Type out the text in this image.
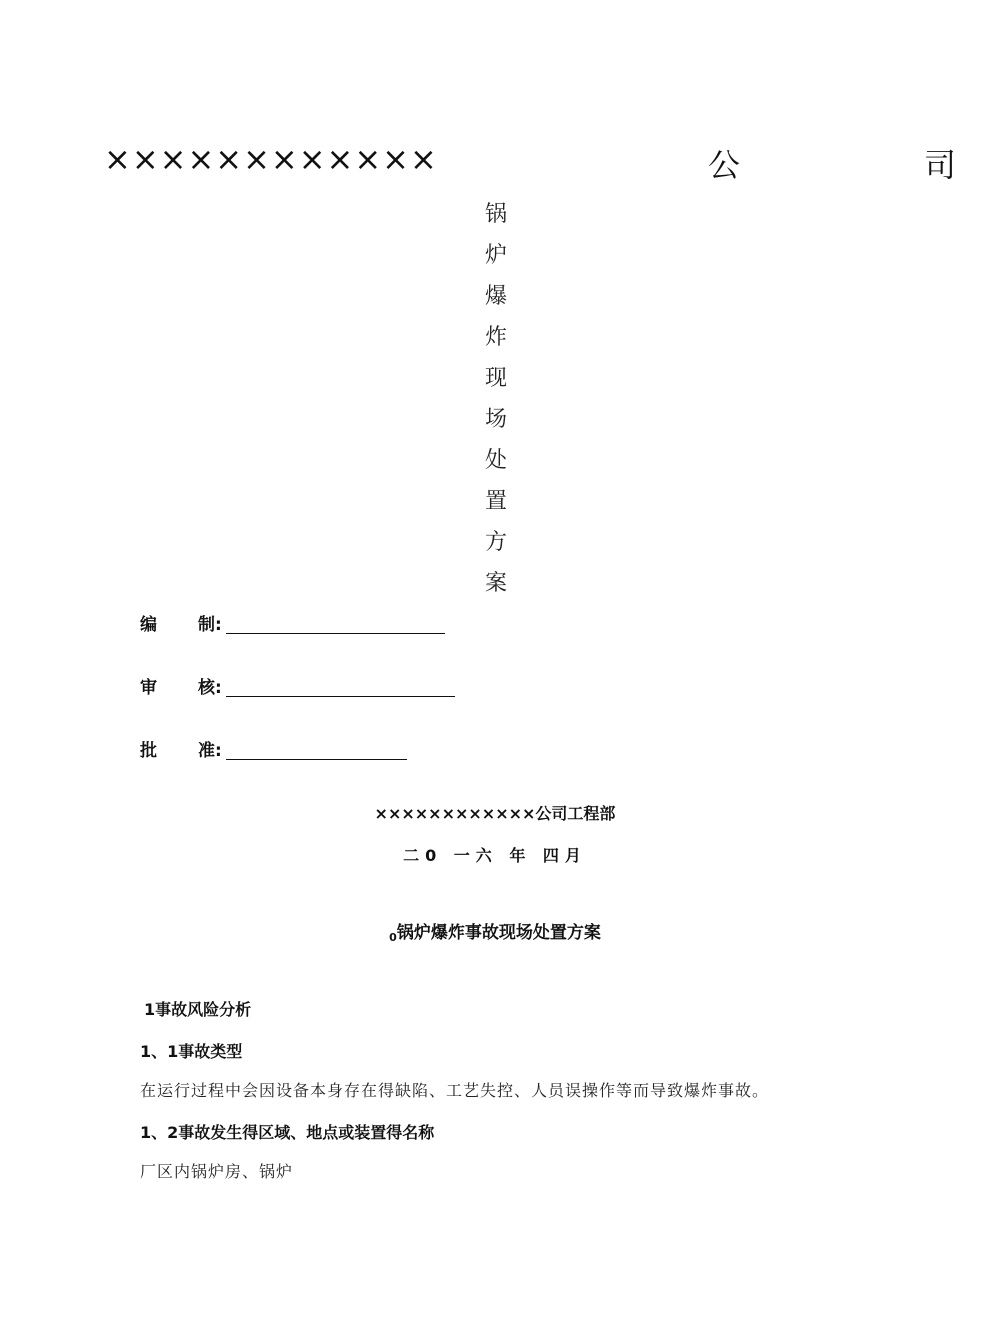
××××××××××××	公	司
锅
炉
爆
炸
现
场
处
置
方
案
编 制:
审 核:
批 准:
××××××××××××公司工程部
二0 一六 年 四月
$_0$锅炉爆炸事故现场处置方案
1事故风险分析
1、1事故类型
在运行过程中会因设备本身存在得缺陷、工艺失控、人员误操作等而导致爆炸事故。
1、2事故发生得区域、地点或装置得名称
厂区内锅炉房、锅炉
